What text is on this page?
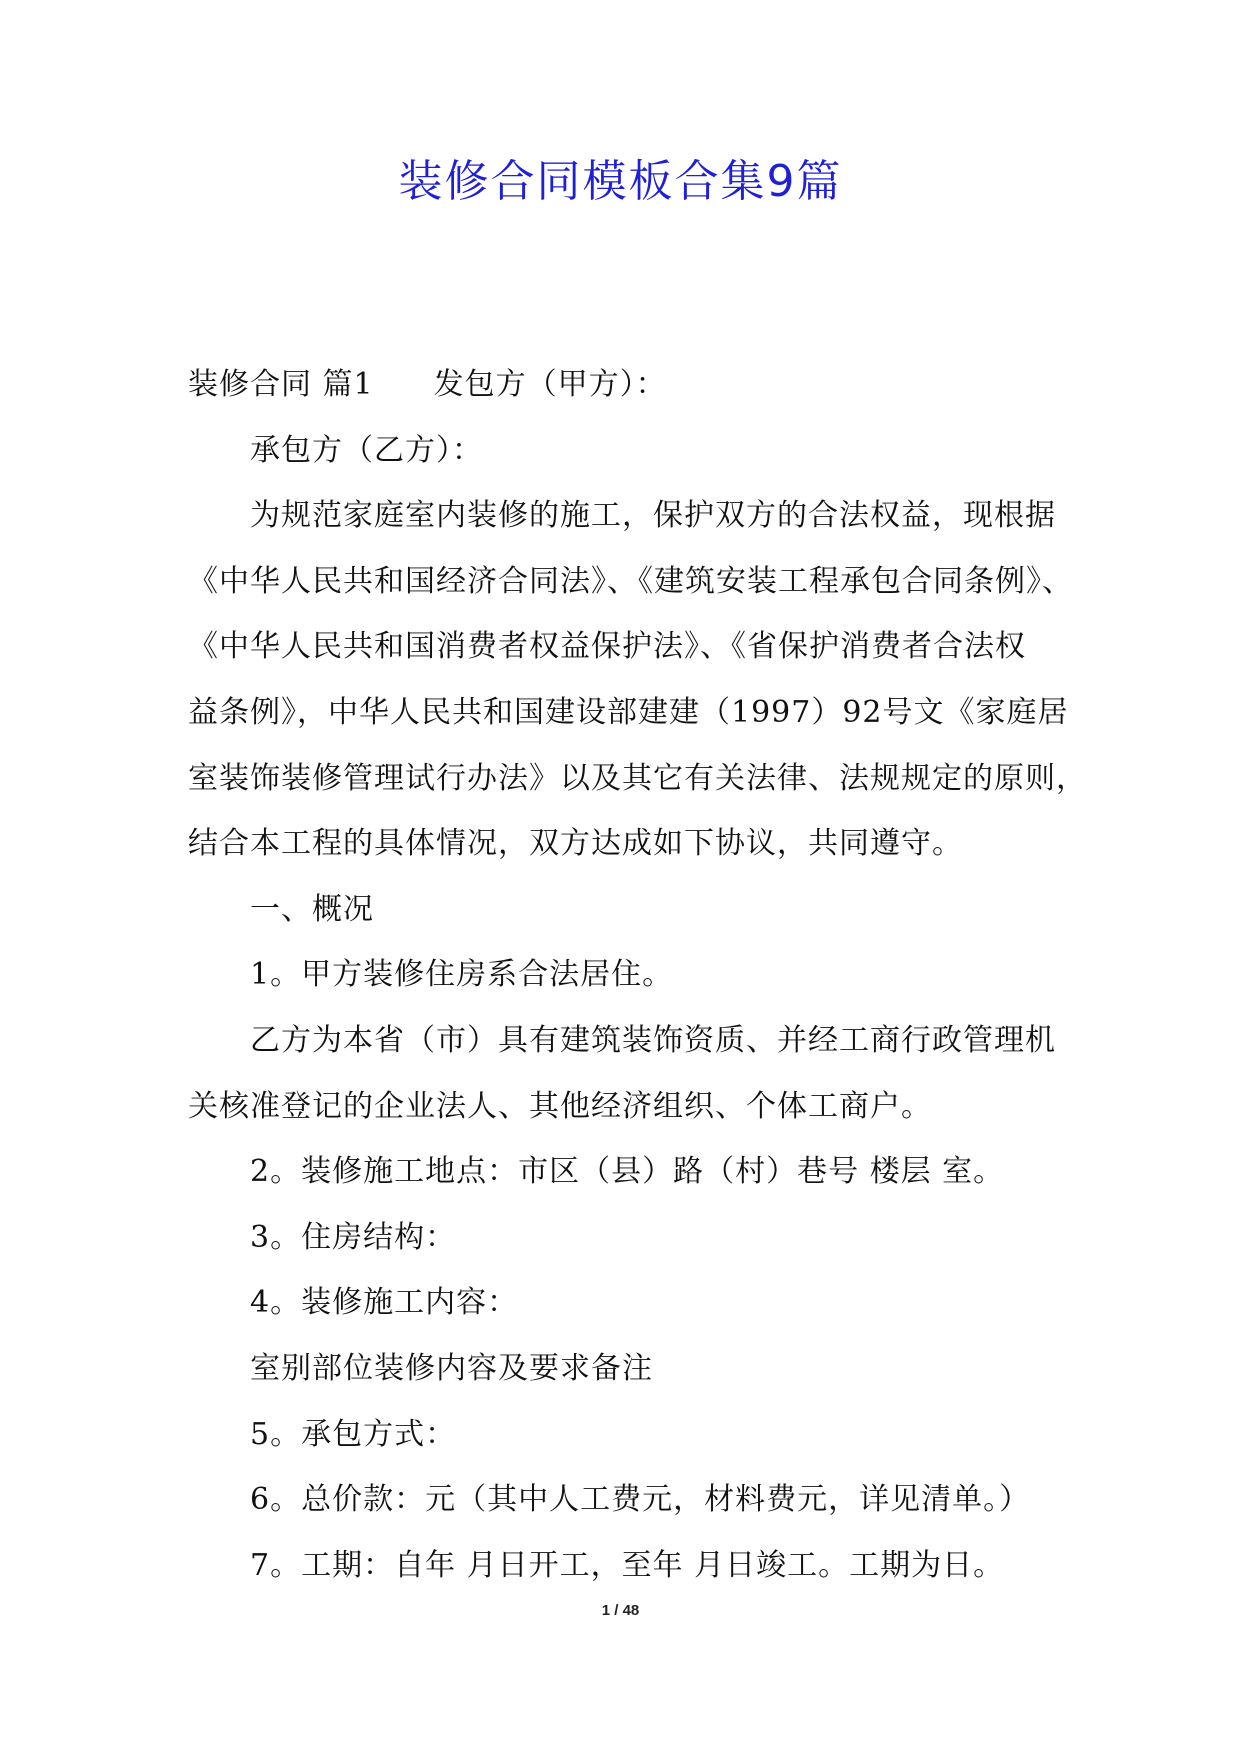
装修合同模板合集9篇
装修合同 篇1 发包方（甲方）：
承包方（乙方）：
为规范家庭室内装修的施工，保护双方的合法权益，现根据
《中华人民共和国经济合同法》、《建筑安装工程承包合同条例》、
《中华人民共和国消费者权益保护法》、《省保护消费者合法权
益条例》，中华人民共和国建设部建建（1997）92号文《家庭居
室装饰装修管理试行办法》以及其它有关法律、法规规定的原则，
结合本工程的具体情况，双方达成如下协议，共同遵守。
一、概况
1。甲方装修住房系合法居住。
乙方为本省（市）具有建筑装饰资质、并经工商行政管理机
关核准登记的企业法人、其他经济组织、个体工商户。
2。装修施工地点：市区（县）路（村）巷号 楼层 室。
3。住房结构：
4。装修施工内容：
室别部位装修内容及要求备注
5。承包方式：
6。总价款：元（其中人工费元，材料费元，详见清单。）
7。工期：自年 月日开工，至年 月日竣工。工期为日。
1 / 48
